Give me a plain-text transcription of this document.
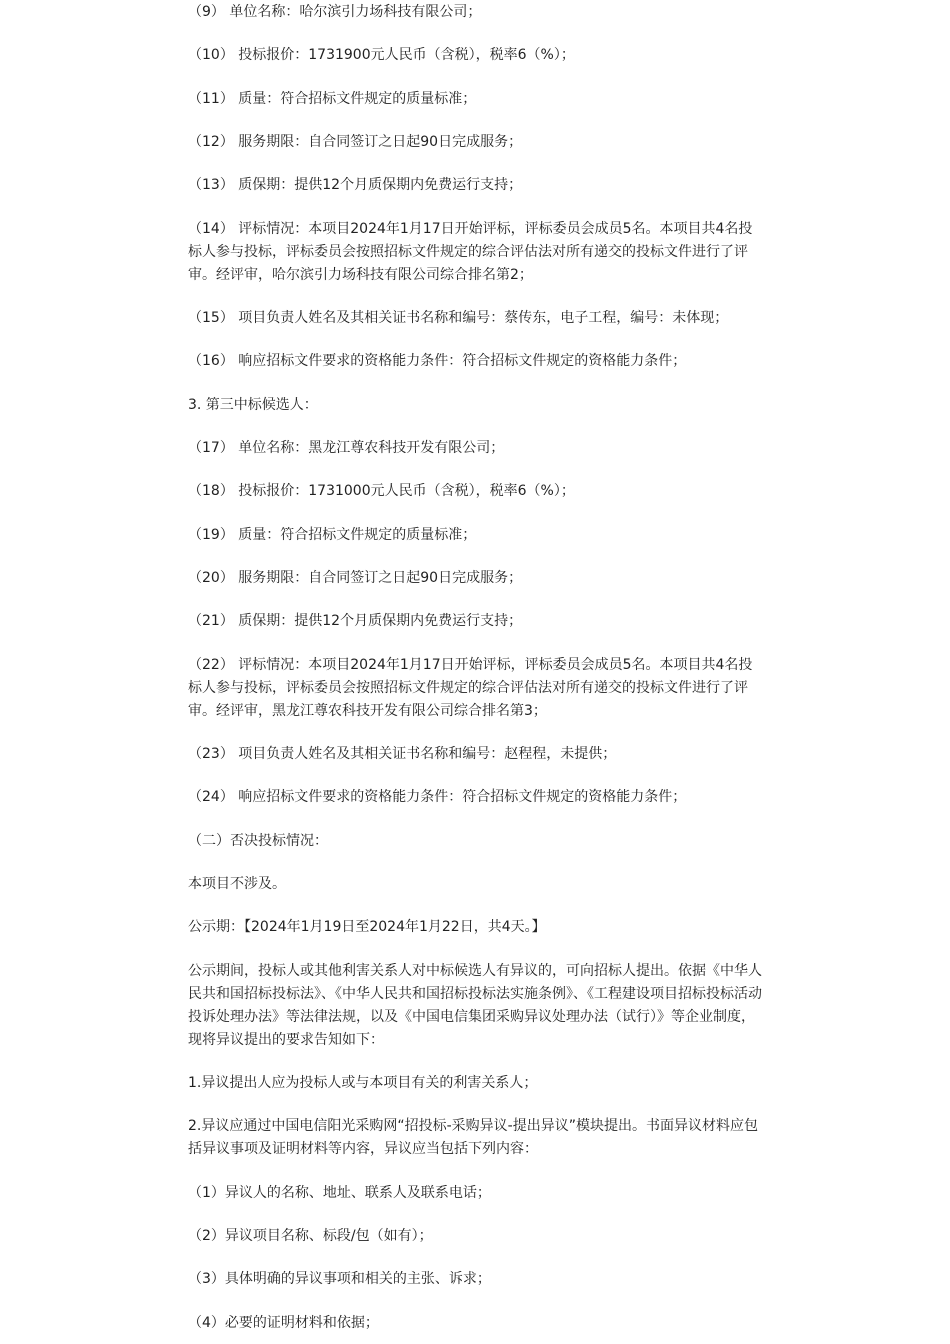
（9） 单位名称：哈尔滨引力场科技有限公司；

（10） 投标报价：1731900元人民币（含税），税率6（%）；

（11） 质量：符合招标文件规定的质量标准；

（12） 服务期限：自合同签订之日起90日完成服务；

（13） 质保期：提供12个月质保期内免费运行支持；

（14） 评标情况：本项目2024年1月17日开始评标，评标委员会成员5名。本项目共4名投标人参与投标，评标委员会按照招标文件规定的综合评估法对所有递交的投标文件进行了评审。经评审，哈尔滨引力场科技有限公司综合排名第2；

（15） 项目负责人姓名及其相关证书名称和编号：蔡传东，电子工程，编号：未体现；

（16） 响应招标文件要求的资格能力条件：符合招标文件规定的资格能力条件；

3. 第三中标候选人：

（17） 单位名称：黑龙江尊农科技开发有限公司；

（18） 投标报价：1731000元人民币（含税），税率6（%）；

（19） 质量：符合招标文件规定的质量标准；

（20） 服务期限：自合同签订之日起90日完成服务；

（21） 质保期：提供12个月质保期内免费运行支持；

（22） 评标情况：本项目2024年1月17日开始评标，评标委员会成员5名。本项目共4名投标人参与投标，评标委员会按照招标文件规定的综合评估法对所有递交的投标文件进行了评审。经评审，黑龙江尊农科技开发有限公司综合排名第3；

（23） 项目负责人姓名及其相关证书名称和编号：赵程程，未提供；

（24） 响应招标文件要求的资格能力条件：符合招标文件规定的资格能力条件；

（二）否决投标情况：

本项目不涉及。

公示期：【2024年1月19日至2024年1月22日，共4天。】

公示期间，投标人或其他利害关系人对中标候选人有异议的，可向招标人提出。依据《中华人民共和国招标投标法》、《中华人民共和国招标投标法实施条例》、《工程建设项目招标投标活动投诉处理办法》等法律法规，以及《中国电信集团采购异议处理办法（试行）》等企业制度，现将异议提出的要求告知如下：

1.异议提出人应为投标人或与本项目有关的利害关系人；

2.异议应通过中国电信阳光采购网“招投标-采购异议-提出异议”模块提出。书面异议材料应包括异议事项及证明材料等内容，异议应当包括下列内容：

（1）异议人的名称、地址、联系人及联系电话；

（2）异议项目名称、标段/包（如有）；

（3）具体明确的异议事项和相关的主张、诉求；

（4）必要的证明材料和依据；
